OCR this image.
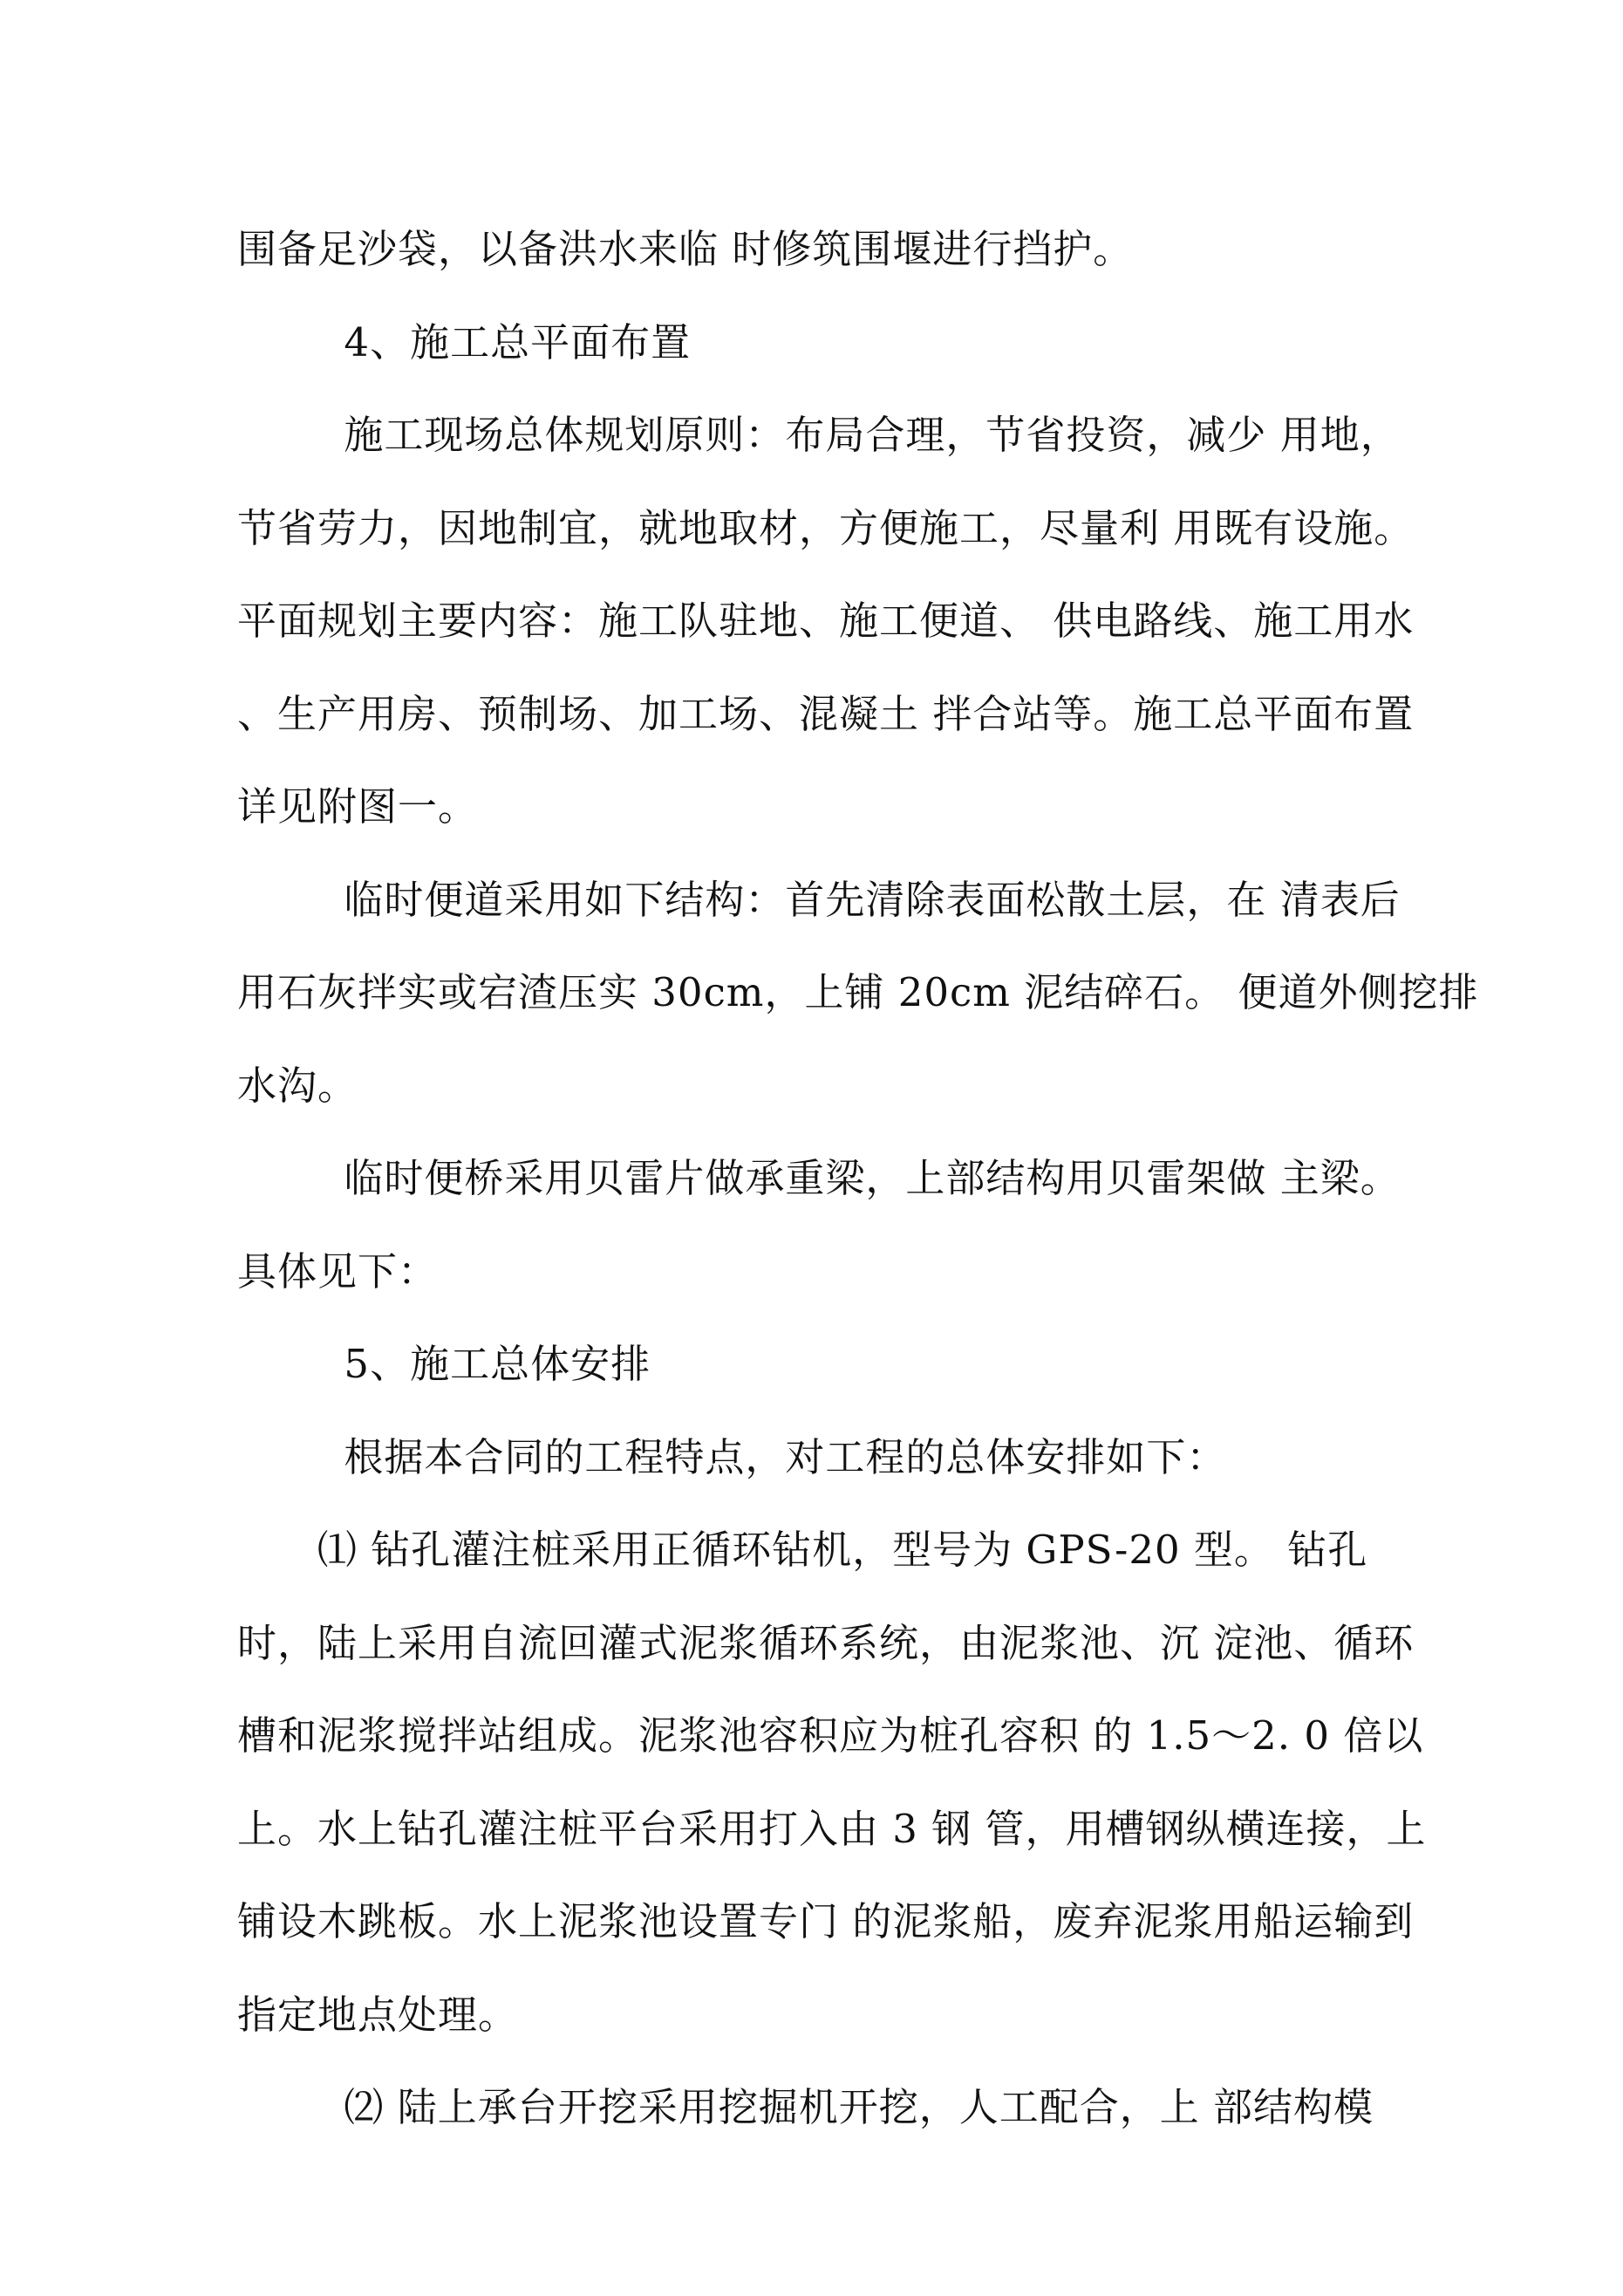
围备足沙袋，以备洪水来临 时修筑围堰进行挡护。
4、施工总平面布置
施工现场总体规划原则：布局合理，节省投资，减少 用地，
节省劳力，因地制宜，就地取材，方便施工，尽量利 用既有设施。
平面规划主要内容：施工队驻地、施工便道、 供电路线、施工用水
、生产用房、预制场、加工场、混凝土 拌合站等。施工总平面布置
详见附图一。
临时便道采用如下结构：首先清除表面松散土层，在 清表后
用石灰拌实或宕渣压实 30cm，上铺 20cm 泥结碎石。 便道外侧挖排
水沟。
临时便桥采用贝雷片做承重梁，上部结构用贝雷架做 主梁。
具体见下：
5、施工总体安排
根据本合同的工程特点，对工程的总体安排如下：
⑴ 钻孔灌注桩采用正循环钻机，型号为 GPS-20 型。 钻孔
时，陆上采用自流回灌式泥浆循环系统，由泥浆池、沉 淀池、循环
槽和泥浆搅拌站组成。泥浆池容积应为桩孔容积 的 1.5〜2. 0 倍以
上。水上钻孔灌注桩平台采用打入由 3 钢 管，用槽钢纵横连接，上
铺设木跳板。水上泥浆池设置专门 的泥浆船，废弃泥浆用船运输到
指定地点处理。
⑵ 陆上承台开挖采用挖掘机开挖，人工配合，上 部结构模
